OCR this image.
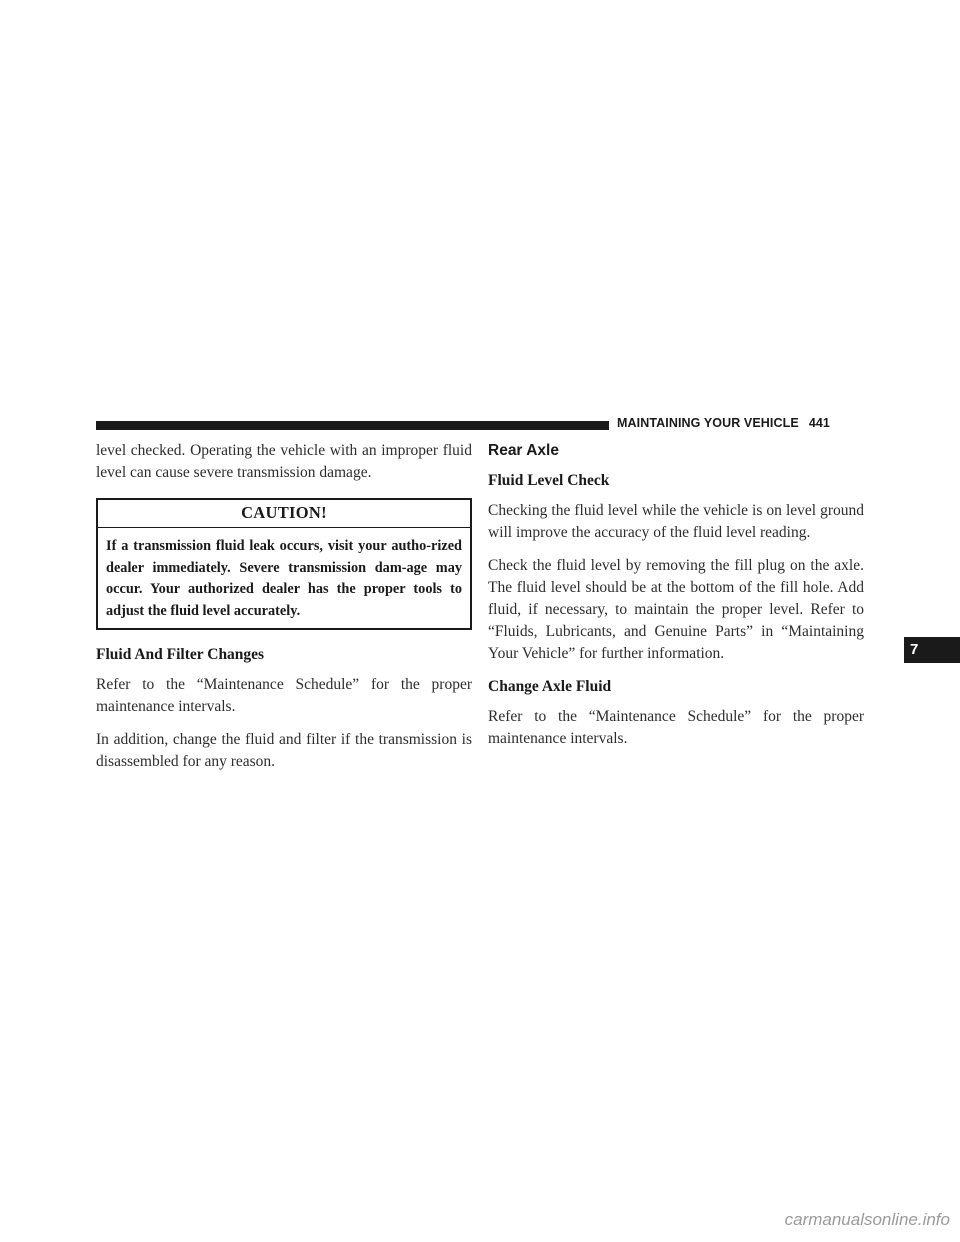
MAINTAINING YOUR VEHICLE 441

level checked. Operating the vehicle with an improper fluid level can cause severe transmission damage.

CAUTION!
If a transmission fluid leak occurs, visit your autho-rized dealer immediately. Severe transmission dam-age may occur. Your authorized dealer has the proper tools to adjust the fluid level accurately.
Fluid And Filter Changes

Refer to the “Maintenance Schedule” for the proper maintenance intervals.

In addition, change the fluid and filter if the transmission is disassembled for any reason.

Rear Axle
Fluid Level Check

Checking the fluid level while the vehicle is on level ground will improve the accuracy of the fluid level reading.

Check the fluid level by removing the fill plug on the axle. The fluid level should be at the bottom of the fill hole. Add fluid, if necessary, to maintain the proper level. Refer to “Fluids, Lubricants, and Genuine Parts” in “Maintaining Your Vehicle” for further information.

Change Axle Fluid

Refer to the “Maintenance Schedule” for the proper maintenance intervals.

7
carmanualsonline.info
